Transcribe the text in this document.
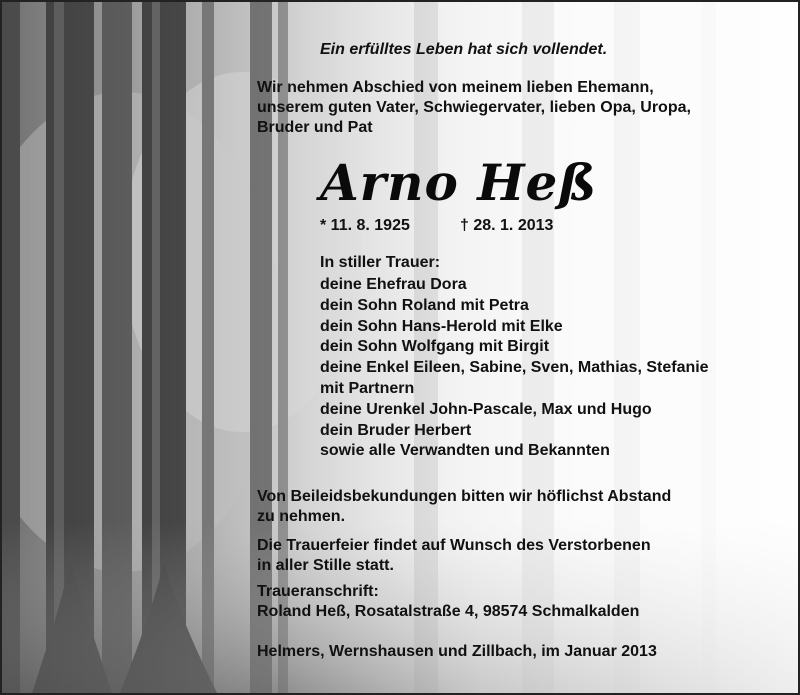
Ein erfülltes Leben hat sich vollendet.

Wir nehmen Abschied von meinem lieben Ehemann,
unserem guten Vater, Schwiegervater, lieben Opa, Uropa,
Bruder und Pat
Arno Heß

* 11. 8. 1925	† 28. 1. 2013

In stiller Trauer:

deine Ehefrau Dora
dein Sohn Roland mit Petra
dein Sohn Hans-Herold mit Elke
dein Sohn Wolfgang mit Birgit
deine Enkel Eileen, Sabine, Sven, Mathias, Stefanie
mit Partnern
deine Urenkel John-Pascale, Max und Hugo
dein Bruder Herbert
sowie alle Verwandten und Bekannten
Von Beileidsbekundungen bitten wir höflichst Abstand
zu nehmen.
Die Trauerfeier findet auf Wunsch des Verstorbenen
in aller Stille statt.

Traueranschrift:

Roland Heß, Rosatalstraße 4, 98574 Schmalkalden

Helmers, Wernshausen und Zillbach, im Januar 2013
